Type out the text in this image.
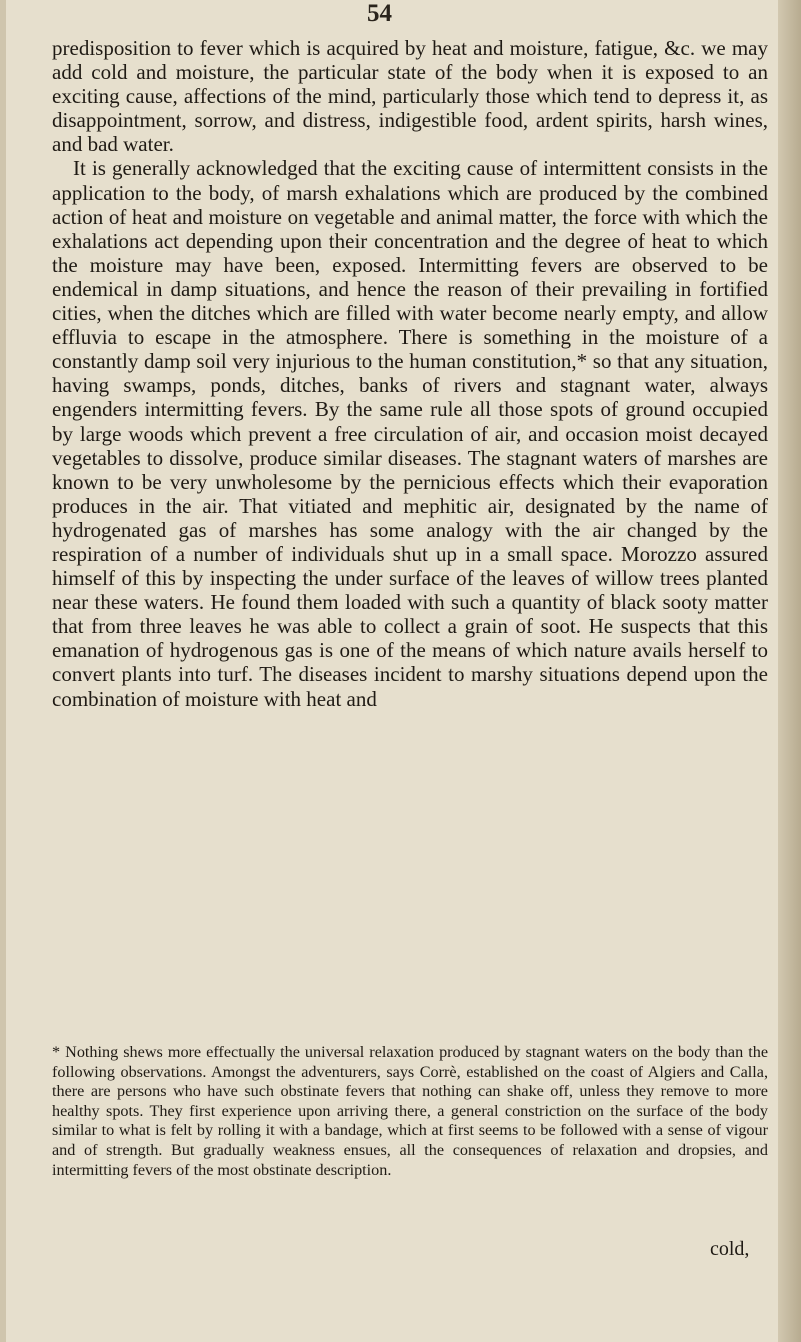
54

predisposition to fever which is acquired by heat and moisture, fatigue, &c. we may add cold and moisture, the particular state of the body when it is exposed to an exciting cause, affections of the mind, particularly those which tend to depress it, as disappointment, sorrow, and distress, indigestible food, ardent spirits, harsh wines, and bad water.

It is generally acknowledged that the exciting cause of intermittent consists in the application to the body, of marsh exhalations which are produced by the combined action of heat and moisture on vegetable and animal matter, the force with which the exhalations act depending upon their concentration and the degree of heat to which the moisture may have been, exposed. Intermitting fevers are observed to be endemical in damp situations, and hence the reason of their prevailing in fortified cities, when the ditches which are filled with water become nearly empty, and allow effluvia to escape in the atmosphere. There is something in the moisture of a constantly damp soil very injurious to the human constitution,* so that any situation, having swamps, ponds, ditches, banks of rivers and stagnant water, always engenders intermitting fevers. By the same rule all those spots of ground occupied by large woods which prevent a free circulation of air, and occasion moist decayed vegetables to dissolve, produce similar diseases. The stagnant waters of marshes are known to be very unwholesome by the pernicious effects which their evaporation produces in the air. That vitiated and mephitic air, designated by the name of hydrogenated gas of marshes has some analogy with the air changed by the respiration of a number of individuals shut up in a small space. Morozzo assured himself of this by inspecting the under surface of the leaves of willow trees planted near these waters. He found them loaded with such a quantity of black sooty matter that from three leaves he was able to collect a grain of soot. He suspects that this emanation of hydrogenous gas is one of the means of which nature avails herself to convert plants into turf. The diseases incident to marshy situations depend upon the combination of moisture with heat and

* Nothing shews more effectually the universal relaxation produced by stagnant waters on the body than the following observations. Amongst the adventurers, says Corrè, established on the coast of Algiers and Calla, there are persons who have such obstinate fevers that nothing can shake off, unless they remove to more healthy spots. They first experience upon arriving there, a general constriction on the surface of the body similar to what is felt by rolling it with a bandage, which at first seems to be followed with a sense of vigour and of strength. But gradually weakness ensues, all the consequences of relaxation and dropsies, and intermitting fevers of the most obstinate description.

cold,
